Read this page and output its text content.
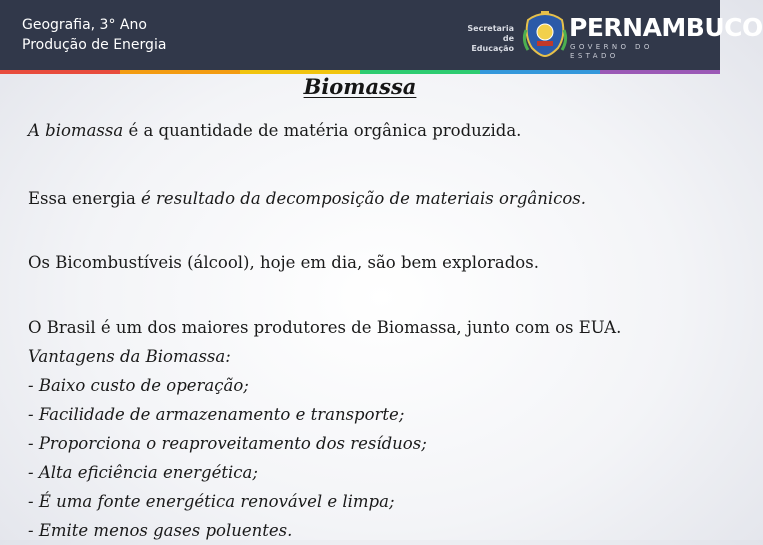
Geografia, 3° Ano
Produção de Energia
Secretaria de
Educação
PERNAMBUCO
GOVERNO DO ESTADO
Biomassa

A biomassa é a quantidade de matéria orgânica produzida.

Essa energia é resultado da decomposição de materiais orgânicos.

Os Bicombustíveis (álcool), hoje em dia, são bem explorados.

O Brasil é um dos maiores produtores de Biomassa, junto com os EUA.

Vantagens da Biomassa:
- Baixo custo de operação;
- Facilidade de armazenamento e transporte;
- Proporciona o reaproveitamento dos resíduos;
- Alta eficiência energética;
- É uma fonte energética renovável e limpa;
- Emite menos gases poluentes.
